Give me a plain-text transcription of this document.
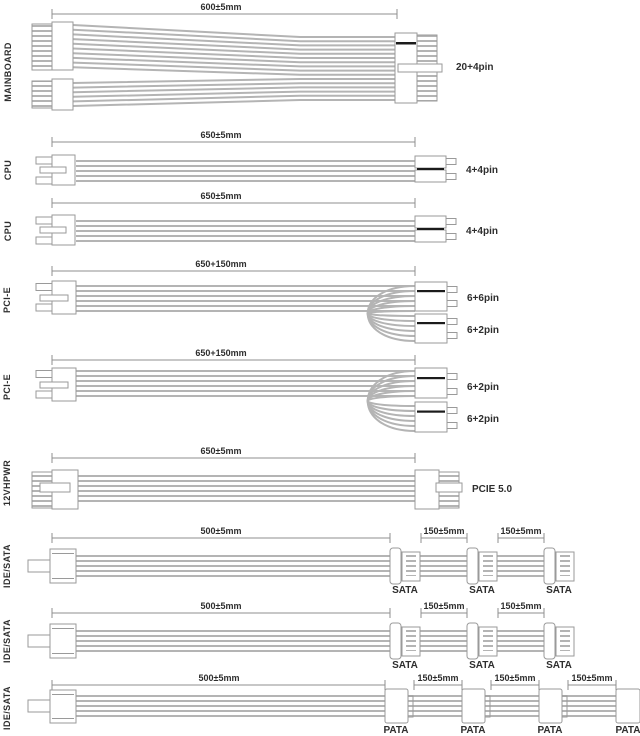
MAINBOARD
600±5mm
20+4pin
CPU
650±5mm
4+4pin
CPU
650±5mm
4+4pin
PCI-E
650+150mm
6+6pin
6+2pin
PCI-E
650+150mm
6+2pin
6+2pin
12VHPWR
650±5mm
PCIE 5.0
IDE/SATA
500±5mm	150±5mm	150±5mm
SATA	SATA	SATA
IDE/SATA
500±5mm	150±5mm	150±5mm
SATA	SATA	SATA
IDE/SATA
500±5mm	150±5mm	150±5mm	150±5mm
PATA	PATA	PATA	PATA
